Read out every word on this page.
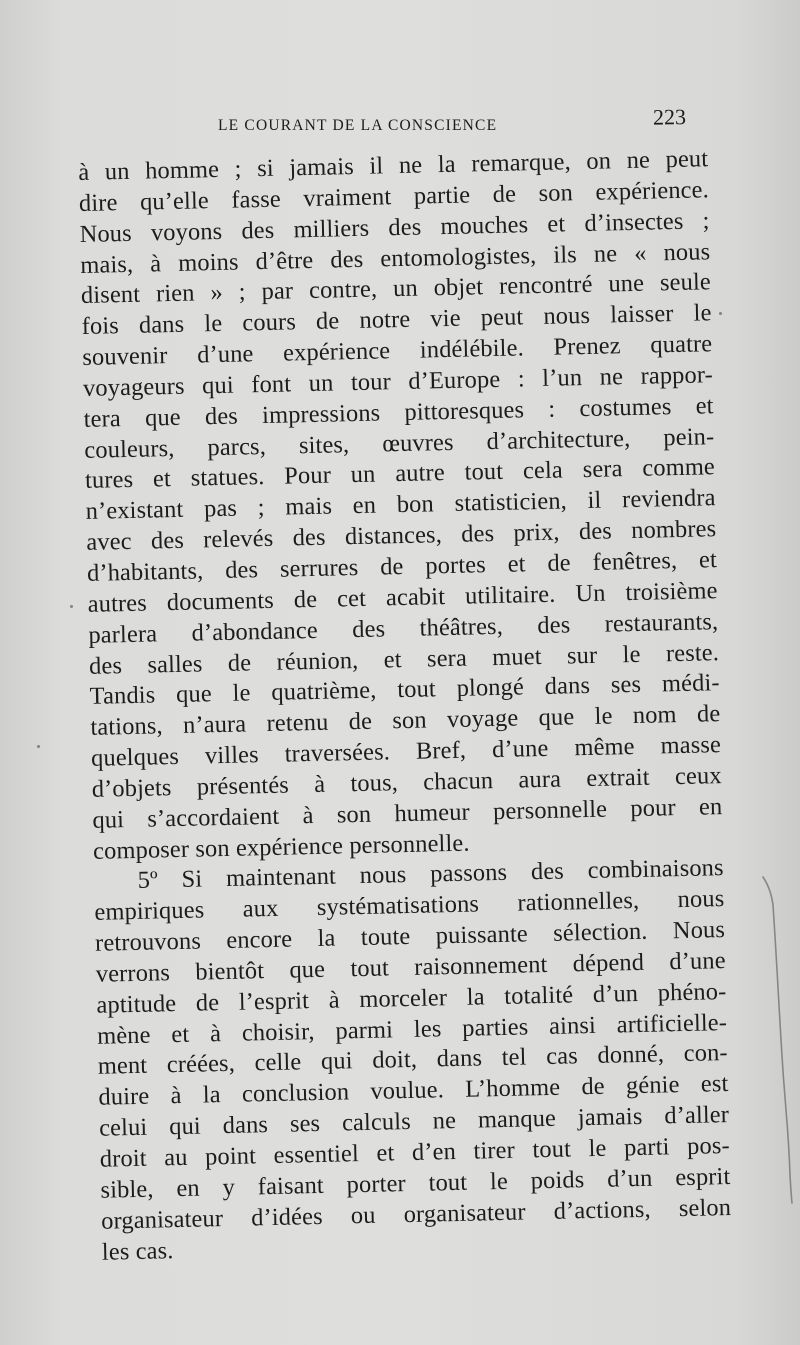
LE COURANT DE LA CONSCIENCE	223
à un homme ; si jamais il ne la remarque, on ne peut
dire qu’elle fasse vraiment partie de son expérience.
Nous voyons des milliers des mouches et d’insectes ;
mais, à moins d’être des entomologistes, ils ne « nous
disent rien » ; par contre, un objet rencontré une seule
fois dans le cours de notre vie peut nous laisser le
souvenir d’une expérience indélébile. Prenez quatre
voyageurs qui font un tour d’Europe : l’un ne rappor-
tera que des impressions pittoresques : costumes et
couleurs, parcs, sites, œuvres d’architecture, pein-
tures et statues. Pour un autre tout cela sera comme
n’existant pas ; mais en bon statisticien, il reviendra
avec des relevés des distances, des prix, des nombres
d’habitants, des serrures de portes et de fenêtres, et
autres documents de cet acabit utilitaire. Un troisième
parlera d’abondance des théâtres, des restaurants,
des salles de réunion, et sera muet sur le reste.
Tandis que le quatrième, tout plongé dans ses médi-
tations, n’aura retenu de son voyage que le nom de
quelques villes traversées. Bref, d’une même masse
d’objets présentés à tous, chacun aura extrait ceux
qui s’accordaient à son humeur personnelle pour en
composer son expérience personnelle.
5º Si maintenant nous passons des combinaisons
empiriques aux systématisations rationnelles, nous
retrouvons encore la toute puissante sélection. Nous
verrons bientôt que tout raisonnement dépend d’une
aptitude de l’esprit à morceler la totalité d’un phéno-
mène et à choisir, parmi les parties ainsi artificielle-
ment créées, celle qui doit, dans tel cas donné, con-
duire à la conclusion voulue. L’homme de génie est
celui qui dans ses calculs ne manque jamais d’aller
droit au point essentiel et d’en tirer tout le parti pos-
sible, en y faisant porter tout le poids d’un esprit
organisateur d’idées ou organisateur d’actions, selon
les cas.
